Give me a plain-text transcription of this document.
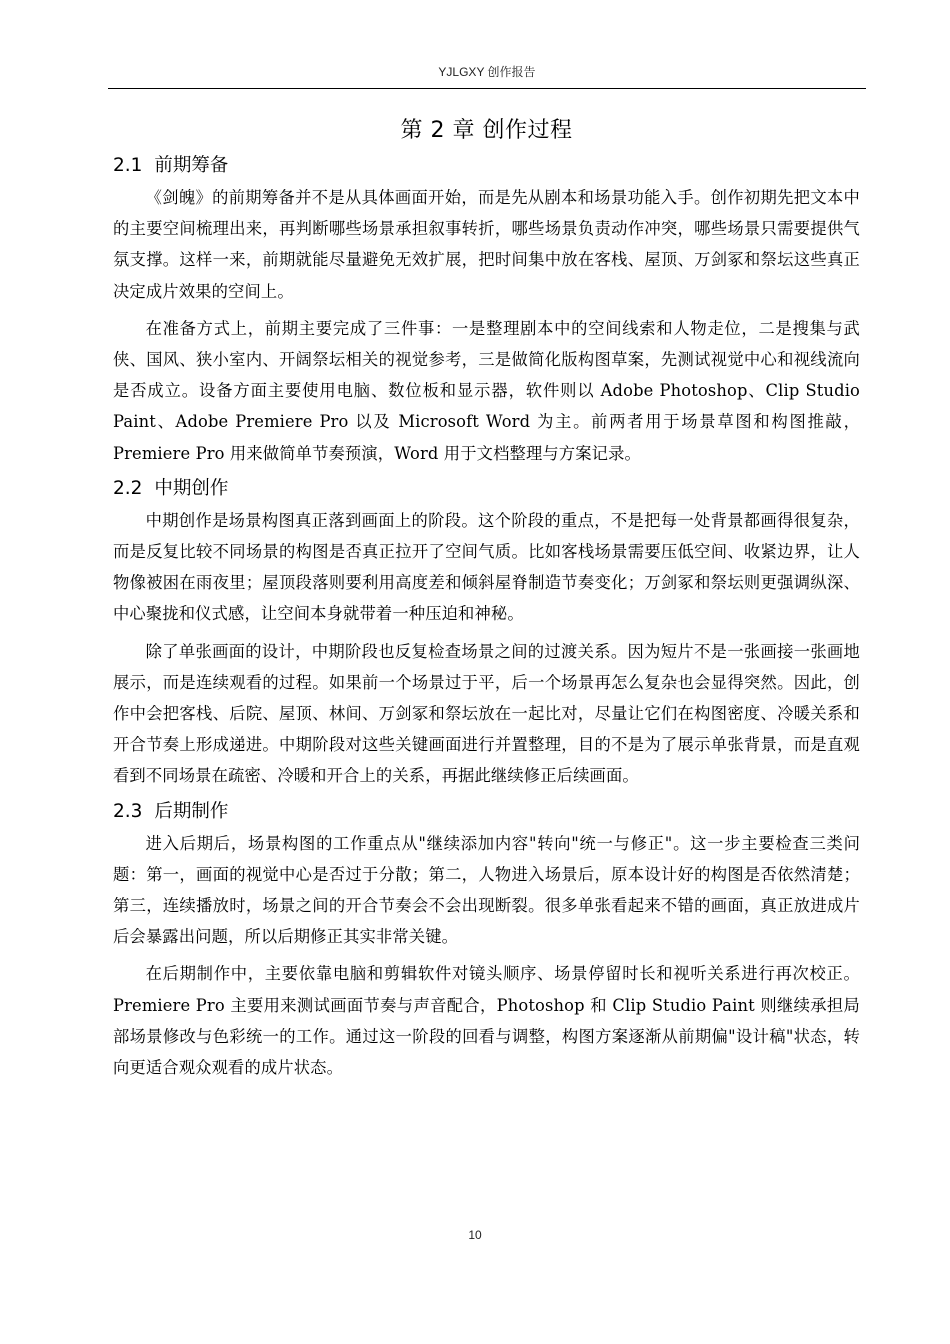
YJLGXY 创作报告
第 2 章 创作过程
2.1 前期筹备

《剑魄》的前期筹备并不是从具体画面开始，而是先从剧本和场景功能入手。创作初期先把文本中的主要空间梳理出来，再判断哪些场景承担叙事转折，哪些场景负责动作冲突，哪些场景只需要提供气氛支撑。这样一来，前期就能尽量避免无效扩展，把时间集中放在客栈、屋顶、万剑冢和祭坛这些真正决定成片效果的空间上。

在准备方式上，前期主要完成了三件事：一是整理剧本中的空间线索和人物走位，二是搜集与武侠、国风、狭小室内、开阔祭坛相关的视觉参考，三是做简化版构图草案，先测试视觉中心和视线流向是否成立。设备方面主要使用电脑、数位板和显示器，软件则以 Adobe Photoshop、Clip Studio Paint、Adobe Premiere Pro 以及 Microsoft Word 为主。前两者用于场景草图和构图推敲，Premiere Pro 用来做简单节奏预演，Word 用于文档整理与方案记录。

2.2 中期创作

中期创作是场景构图真正落到画面上的阶段。这个阶段的重点，不是把每一处背景都画得很复杂，而是反复比较不同场景的构图是否真正拉开了空间气质。比如客栈场景需要压低空间、收紧边界，让人物像被困在雨夜里；屋顶段落则要利用高度差和倾斜屋脊制造节奏变化；万剑冢和祭坛则更强调纵深、中心聚拢和仪式感，让空间本身就带着一种压迫和神秘。

除了单张画面的设计，中期阶段也反复检查场景之间的过渡关系。因为短片不是一张画接一张画地展示，而是连续观看的过程。如果前一个场景过于平，后一个场景再怎么复杂也会显得突然。因此，创作中会把客栈、后院、屋顶、林间、万剑冢和祭坛放在一起比对，尽量让它们在构图密度、冷暖关系和开合节奏上形成递进。中期阶段对这些关键画面进行并置整理，目的不是为了展示单张背景，而是直观看到不同场景在疏密、冷暖和开合上的关系，再据此继续修正后续画面。

2.3 后期制作

进入后期后，场景构图的工作重点从"继续添加内容"转向"统一与修正"。这一步主要检查三类问题：第一，画面的视觉中心是否过于分散；第二，人物进入场景后，原本设计好的构图是否依然清楚；第三，连续播放时，场景之间的开合节奏会不会出现断裂。很多单张看起来不错的画面，真正放进成片后会暴露出问题，所以后期修正其实非常关键。

在后期制作中，主要依靠电脑和剪辑软件对镜头顺序、场景停留时长和视听关系进行再次校正。Premiere Pro 主要用来测试画面节奏与声音配合，Photoshop 和 Clip Studio Paint 则继续承担局部场景修改与色彩统一的工作。通过这一阶段的回看与调整，构图方案逐渐从前期偏"设计稿"状态，转向更适合观众观看的成片状态。

10
